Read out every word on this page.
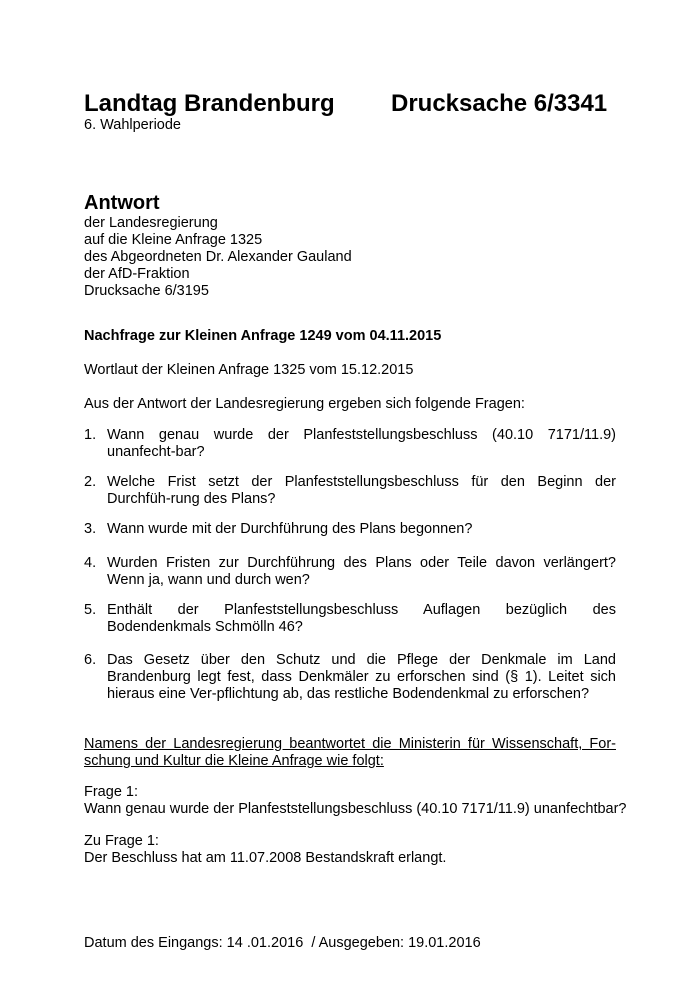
Landtag Brandenburg Drucksache 6/3341
6. Wahlperiode
Antwort
der Landesregierung
auf die Kleine Anfrage 1325
des Abgeordneten Dr. Alexander Gauland
der AfD-Fraktion
Drucksache 6/3195
Nachfrage zur Kleinen Anfrage 1249 vom 04.11.2015
Wortlaut der Kleinen Anfrage 1325 vom 15.12.2015
Aus der Antwort der Landesregierung ergeben sich folgende Fragen:
1. Wann genau wurde der Planfeststellungsbeschluss (40.10 7171/11.9) unanfecht-bar?
2. Welche Frist setzt der Planfeststellungsbeschluss für den Beginn der Durchfüh-rung des Plans?
3. Wann wurde mit der Durchführung des Plans begonnen?
4. Wurden Fristen zur Durchführung des Plans oder Teile davon verlängert? Wenn ja, wann und durch wen?
5. Enthält der Planfeststellungsbeschluss Auflagen bezüglich des Bodendenkmals Schmölln 46?
6. Das Gesetz über den Schutz und die Pflege der Denkmale im Land Brandenburg legt fest, dass Denkmäler zu erforschen sind (§ 1). Leitet sich hieraus eine Ver-pflichtung ab, das restliche Bodendenkmal zu erforschen?
Namens der Landesregierung beantwortet die Ministerin für Wissenschaft, For-schung und Kultur die Kleine Anfrage wie folgt:
Frage 1:
Wann genau wurde der Planfeststellungsbeschluss (40.10 7171/11.9) unanfechtbar?
Zu Frage 1:
Der Beschluss hat am 11.07.2008 Bestandskraft erlangt.
Datum des Eingangs: 14 .01.2016  / Ausgegeben: 19.01.2016
